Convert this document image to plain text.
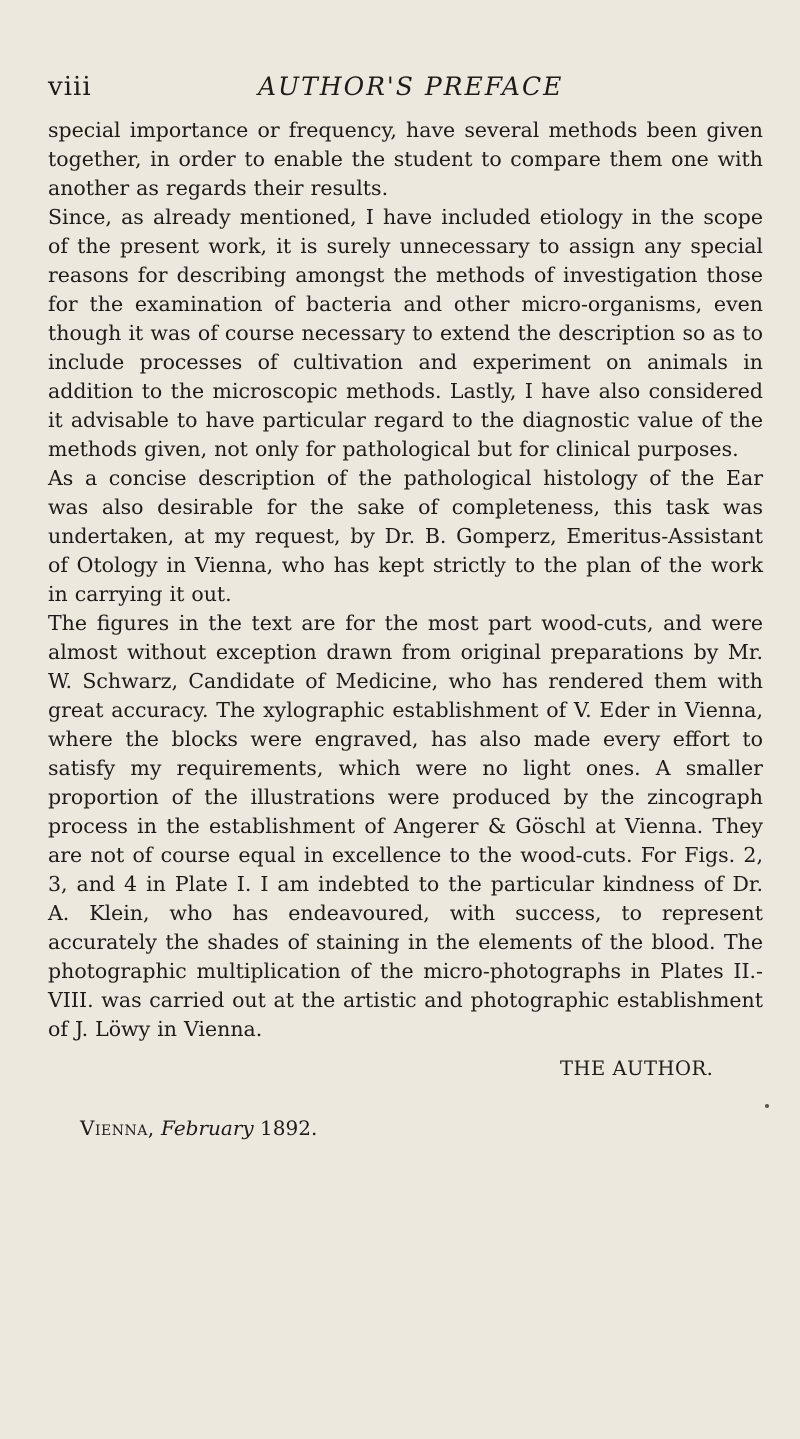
viii	AUTHOR'S PREFACE

special importance or frequency, have several methods been given together, in order to enable the student to compare them one with another as regards their results.

Since, as already mentioned, I have included etiology in the scope of the present work, it is surely unnecessary to assign any special reasons for describing amongst the methods of investigation those for the examination of bacteria and other micro-organisms, even though it was of course necessary to extend the description so as to include processes of cultivation and experiment on animals in addition to the microscopic methods. Lastly, I have also considered it advisable to have particular regard to the diagnostic value of the methods given, not only for pathological but for clinical purposes.

As a concise description of the pathological histology of the Ear was also desirable for the sake of completeness, this task was undertaken, at my request, by Dr. B. Gomperz, Emeritus-Assistant of Otology in Vienna, who has kept strictly to the plan of the work in carrying it out.

The figures in the text are for the most part wood-cuts, and were almost without exception drawn from original preparations by Mr. W. Schwarz, Candidate of Medicine, who has rendered them with great accuracy. The xylographic establishment of V. Eder in Vienna, where the blocks were engraved, has also made every effort to satisfy my requirements, which were no light ones. A smaller proportion of the illustrations were produced by the zincograph process in the establishment of Angerer & Göschl at Vienna. They are not of course equal in excellence to the wood-cuts. For Figs. 2, 3, and 4 in Plate I. I am indebted to the particular kindness of Dr. A. Klein, who has endeavoured, with success, to represent accurately the shades of staining in the elements of the blood. The photographic multiplication of the micro-photographs in Plates II.-VIII. was carried out at the artistic and photographic establishment of J. Löwy in Vienna.

THE AUTHOR.
Vienna, February 1892.
